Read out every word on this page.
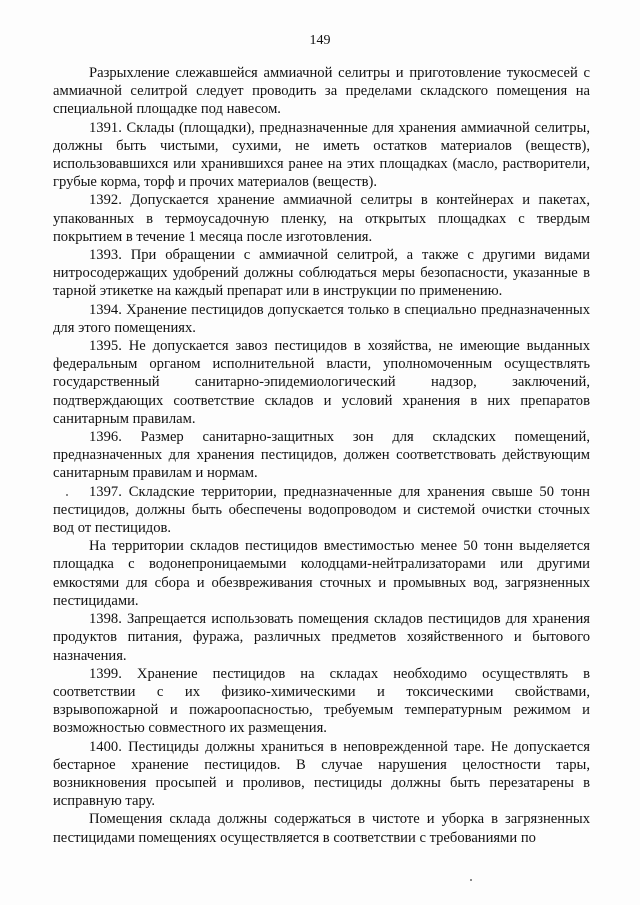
149

Разрыхление слежавшейся аммиачной селитры и приготовление тукосмесей с аммиачной селитрой следует проводить за пределами складского помещения на специальной площадке под навесом.

1391. Склады (площадки), предназначенные для хранения аммиачной селитры, должны быть чистыми, сухими, не иметь остатков материалов (веществ), использовавшихся или хранившихся ранее на этих площадках (масло, растворители, грубые корма, торф и прочих материалов (веществ).

1392. Допускается хранение аммиачной селитры в контейнерах и пакетах, упакованных в термоусадочную пленку, на открытых площадках с твердым покрытием в течение 1 месяца после изготовления.

1393. При обращении с аммиачной селитрой, а также с другими видами нитросодержащих удобрений должны соблюдаться меры безопасности, указанные в тарной этикетке на каждый препарат или в инструкции по применению.

1394. Хранение пестицидов допускается только в специально предназначенных для этого помещениях.

1395. Не допускается завоз пестицидов в хозяйства, не имеющие выданных федеральным органом исполнительной власти, уполномоченным осуществлять государственный санитарно-эпидемиологический надзор, заключений, подтверждающих соответствие складов и условий хранения в них препаратов санитарным правилам.

1396. Размер санитарно-защитных зон для складских помещений, предназначенных для хранения пестицидов, должен соответствовать действующим санитарным правилам и нормам.

1397. Складские территории, предназначенные для хранения свыше 50 тонн пестицидов, должны быть обеспечены водопроводом и системой очистки сточных вод от пестицидов.

На территории складов пестицидов вместимостью менее 50 тонн выделяется площадка с водонепроницаемыми колодцами-нейтрализаторами или другими емкостями для сбора и обезвреживания сточных и промывных вод, загрязненных пестицидами.

1398. Запрещается использовать помещения складов пестицидов для хранения продуктов питания, фуража, различных предметов хозяйственного и бытового назначения.

1399. Хранение пестицидов на складах необходимо осуществлять в соответствии с их физико-химическими и токсическими свойствами, взрывопожарной и пожароопасностью, требуемым температурным режимом и возможностью совместного их размещения.

1400. Пестициды должны храниться в неповрежденной таре. Не допускается бестарное хранение пестицидов. В случае нарушения целостности тары, возникновения просыпей и проливов, пестициды должны быть перезатарены в исправную тару.

Помещения склада должны содержаться в чистоте и уборка в загрязненных пестицидами помещениях осуществляется в соответствии с требованиями по
